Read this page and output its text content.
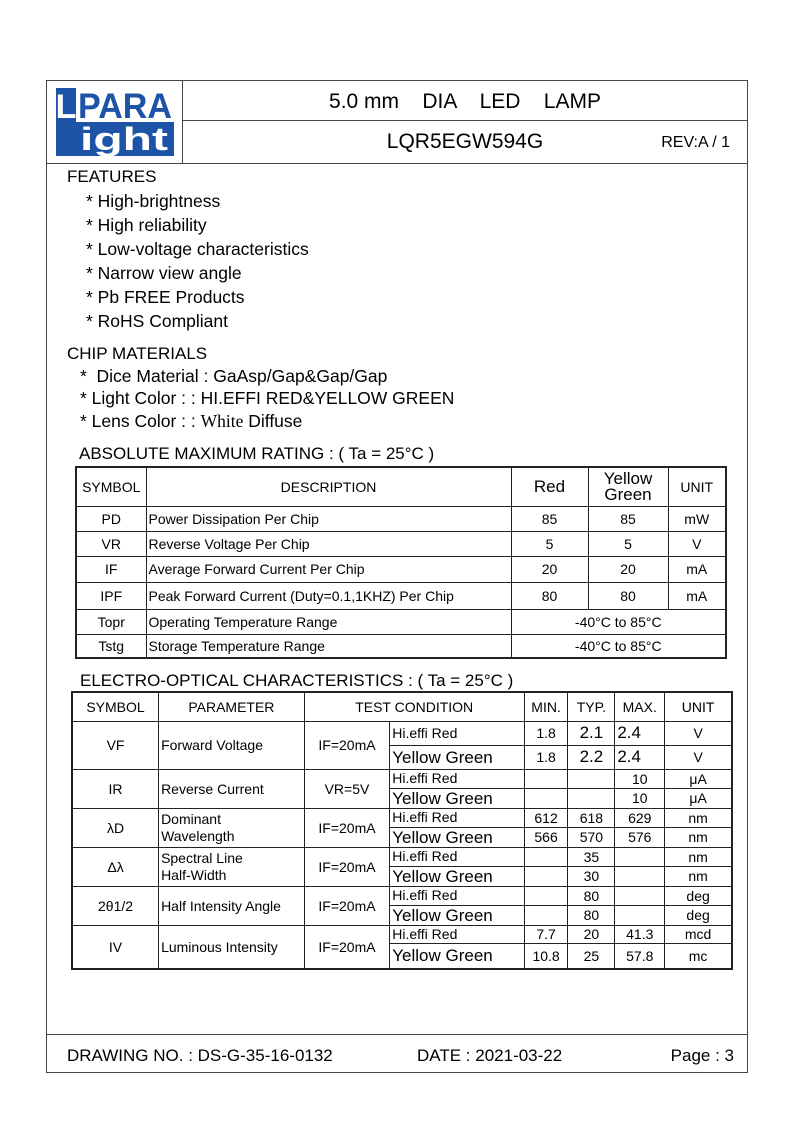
L PARA
ight
5.0 mm    DIA    LED    LAMP
LQR5EGW594G	REV:A / 1
FEATURES
* High-brightness
* High reliability
* Low-voltage characteristics
* Narrow view angle
* Pb FREE Products
* RoHS Compliant
CHIP MATERIALS
*  Dice Material : GaAsp/Gap&Gap/Gap
* Light Color : : HI.EFFI RED&YELLOW GREEN
* Lens Color : : White Diffuse
ABSOLUTE MAXIMUM RATING : ( Ta = 25°C )
SYMBOL	DESCRIPTION	Red	Yellow
Green	UNIT
PD	Power Dissipation Per Chip	85	85	mW
VR	Reverse Voltage Per Chip	5	5	V
IF	Average Forward Current Per Chip	20	20	mA
IPF	Peak Forward Current (Duty=0.1,1KHZ) Per Chip	80	80	mA
Topr	Operating Temperature Range	-40°C to 85°C		
Tstg	Storage Temperature Range	-40°C to 85°C		
ELECTRO-OPTICAL CHARACTERISTICS : ( Ta = 25°C )
SYMBOL	PARAMETER	TEST CONDITION		MIN.	TYP.	MAX.	UNIT
VF	Forward Voltage	IF=20mA	Hi.effi Red	1.8	2.1	2.4	V
			Yellow Green	1.8	2.2	2.4	V
IR	Reverse Current	VR=5V	Hi.effi Red			10	μA
			Yellow Green			10	μA
λD	Dominant
Wavelength	IF=20mA	Hi.effi Red	612	618	629	nm
			Yellow Green	566	570	576	nm
Δλ	Spectral Line
Half-Width	IF=20mA	Hi.effi Red		35		nm
			Yellow Green		30		nm
2θ1/2	Half Intensity Angle	IF=20mA	Hi.effi Red		80		deg
			Yellow Green		80		deg
IV	Luminous Intensity	IF=20mA	Hi.effi Red	7.7	20	41.3	mcd
			Yellow Green	10.8	25	57.8	mc
DRAWING NO. : DS-G-35-16-0132	DATE : 2021-03-22	Page : 3
